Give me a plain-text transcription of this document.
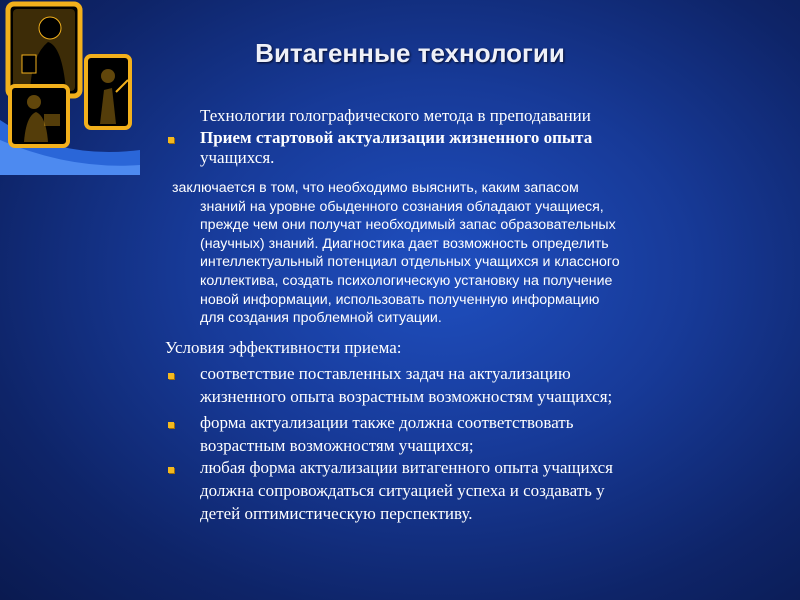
Витагенные технологии
Технологии голографического метода в преподавании
Прием стартовой актуализации жизненного опыта
учащихся.
заключается в том, что необходимо выяснить, каким запасом
знаний на уровне обыденного сознания обладают учащиеся,
прежде чем они получат необходимый запас образовательных
(научных) знаний. Диагностика дает возможность определить
интеллектуальный потенциал отдельных учащихся и классного
коллектива, создать психологическую установку на получение
новой информации, использовать полученную информацию
для создания проблемной ситуации.
Условия эффективности приема:
соответствие поставленных задач на актуализацию
жизненного опыта возрастным возможностям учащихся;
форма актуализации также должна соответствовать
возрастным возможностям учащихся;
любая форма актуализации витагенного опыта учащихся
должна сопровождаться ситуацией успеха и создавать у
детей оптимистическую перспективу.
